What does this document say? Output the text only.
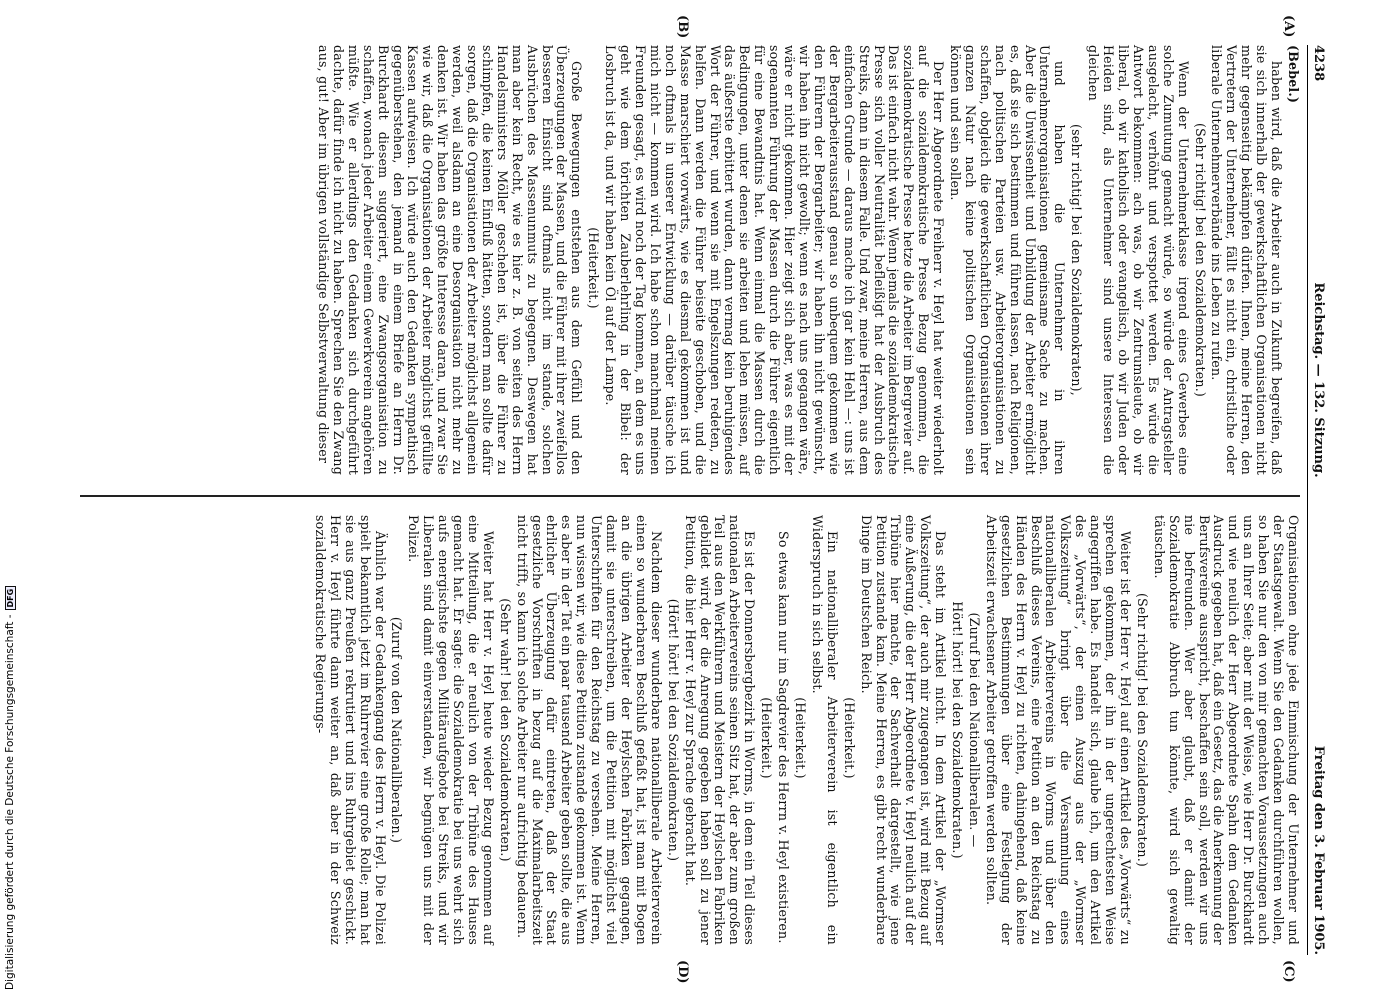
4238
Reichstag. — 132. Sitzung.
Freitag den 3. Februar 1905.
(A)
(B)
(C)
(D)

(Bebel.)

haben wird, daß die Arbeiter auch in Zukunft begreifen, daß sie sich innerhalb der gewerkschaftlichen Organisationen nicht mehr gegenseitig bekämpfen dürfen. Ihnen, meine Herren, den Vertretern der Unternehmer, fällt es nicht ein, christliche oder liberale Unternehmerverbände ins Leben zu rufen.

(Sehr richtig! bei den Sozialdemokraten.)

Wenn der Unternehmerklasse irgend eines Gewerbes eine solche Zumutung gemacht würde, so würde der Antragsteller ausgelacht, verhöhnt und verspottet werden. Es würde die Antwort bekommen: ach was, ob wir Zentrumsleute, ob wir liberal, ob wir katholisch oder evangelisch, ob wir Juden oder Heiden sind, als Unternehmer sind unsere Interessen die gleichen

(sehr richtig! bei den Sozialdemokraten),

und haben die Unternehmer in ihren Unternehmerorganisationen gemeinsame Sache zu machen. Aber die Unwissenheit und Unbildung der Arbeiter ermöglicht es, daß sie sich bestimmen und führen lassen, nach Religionen, nach politischen Parteien usw. Arbeiterorganisationen zu schaffen, obgleich die gewerkschaftlichen Organisationen ihrer ganzen Natur nach keine politischen Organisationen sein können und sein sollen.

Der Herr Abgeordnete Freiherr v. Heyl hat weiter wiederholt auf die sozialdemokratische Presse Bezug genommen, die sozialdemokratische Presse hetze die Arbeiter im Bergrevier auf. Das ist einfach nicht wahr. Wenn jemals die sozialdemokratische Presse sich voller Neutralität befleißigt hat der Ausbruch des Streiks, dann in diesem Falle. Und zwar, meine Herren, aus dem einfachen Grunde — daraus mache ich gar kein Hehl —: uns ist der Bergarbeiterausstand genau so unbequem gekommen wie den Führern der Bergarbeiter; wir haben ihn nicht gewünscht, wir haben ihn nicht gewollt; wenn es nach uns gegangen wäre, wäre er nicht gekommen. Hier zeigt sich aber, was es mit der sogenannten Führung der Massen durch die Führer eigentlich für eine Bewandtnis hat. Wenn einmal die Massen durch die Bedingungen, unter denen sie arbeiten und leben müssen, auf das äußerste erbittert wurden, dann vermag kein beruhigendes Wort der Führer, und wenn sie mit Engelszungen redeten, zu helfen. Dann werden die Führer beiseite geschoben, und die Masse marschiert vorwärts, wie es diesmal gekommen ist und noch oftmals in unserer Entwicklung — darüber täusche ich mich nicht — kommen wird. Ich habe schon manchmal meinen Freunden gesagt, es wird noch der Tag kommen, an dem es uns geht wie dem törichten Zauberlehrling in der Bibel: der Losbruch ist da, und wir haben kein Öl auf der Lampe.

(Heiterkeit.)

Große Bewegungen entstehen aus dem Gefühl und den Überzeugungen der Massen, und die Führer mit ihrer zweifellos besseren Einsicht sind oftmals nicht im stande, solchen Ausbrüchen des Massenunmuts zu begegnen. Deswegen hat man aber kein Recht, wie es hier z. B. von seiten des Herrn Handelsministers Möller geschehen ist, über die Führer zu schimpfen, die keinen Einfluß hätten, sondern man sollte dafür sorgen, daß die Organisationen der Arbeiter möglichst allgemein werden, weil alsdann an eine Desorganisation nicht mehr zu denken ist. Wir haben das größte Interesse daran, und zwar Sie wie wir, daß die Organisationen der Arbeiter möglichst gefüllte Kassen aufweisen. Ich würde auch den Gedanken sympathisch gegenüberstehen, den jemand in einem Briefe an Herrn Dr. Burckhardt diesem suggeriert, eine Zwangsorganisation zu schaffen, wonach jeder Arbeiter einem Gewerkverein angehören müßte. Wie er allerdings den Gedanken sich durchgeführt dachte, dafür finde ich nicht zu haben. Sprechen Sie den Zwang aus, gut! Aber im übrigen vollständige Selbstverwaltung dieser

Organisationen ohne jede Einmischung der Unternehmer und der Staatsgewalt. Wenn Sie den Gedanken durchführen wollen, so haben Sie nur den von mir gemachten Voraussetzungen auch uns an Ihrer Seite; aber mit der Weise, wie Herr Dr. Burckhardt und wie neulich der Herr Abgeordnete Spahn dem Gedanken Ausdruck gegeben hat, daß ein Gesetz, das die Anerkennung der Berufsvereine ausspricht, beschaffen sein soll, werden wir uns nie befreunden. Wer aber glaubt, daß er damit der Sozialdemokratie Abbruch tun könnte, wird sich gewaltig täuschen.

(Sehr richtig! bei den Sozialdemokraten.)

Weiter ist der Herr v. Heyl auf einen Artikel des „Vorwärts“ zu sprechen gekommen, der ihn in der ungerechtesten Weise angegriffen habe. Es handelt sich, glaube ich, um den Artikel des „Vorwärts“, der einen Auszug aus der „Wormser Volkszeitung“ bringt über die Versammlung eines nationalliberalen Arbeitervereins in Worms und über den Beschluß dieses Vereins, eine Petition an den Reichstag zu Händen des Herrn v. Heyl zu richten, dahingehend, daß keine gesetzlichen Bestimmungen über eine Festlegung der Arbeitszeit erwachsener Arbeiter getroffen werden sollten.

(Zuruf bei den Nationalliberalen. —

Hört! hört! bei den Sozialdemokraten.)

Das steht im Artikel nicht. In dem Artikel der „Wormser Volkszeitung“, der auch mir zugegangen ist, wird mit Bezug auf eine Äußerung, die der Herr Abgeordnete v. Heyl neulich auf der Tribüne hier machte, der Sachverhalt dargestellt, wie jene Petition zustande kam. Meine Herren, es gibt recht wunderbare Dinge im Deutschen Reich.

(Heiterkeit.)

Ein nationalliberaler Arbeiterverein ist eigentlich ein Widerspruch in sich selbst.

(Heiterkeit.)

So etwas kann nur im Sagdrevier des Herrn v. Heyl existieren.

(Heiterkeit.)

Es ist der Donnersbergbezirk in Worms, in dem ein Teil dieses nationalen Arbeitervereins seinen Sitz hat, der aber zum großen Teil aus den Werkführern und Meistern der Heylschen Fabriken gebildet wird, der die Anregung gegeben haben soll zu jener Petition, die hier Herr v. Heyl zur Sprache gebracht hat.

(Hört! hört! bei den Sozialdemokraten.)

Nachdem dieser wunderbare nationalliberale Arbeiterverein einen so wunderbaren Beschluß gefaßt hat, ist man mit Bogen an die übrigen Arbeiter der Heylschen Fabriken gegangen, damit sie unterschreiben, um die Petition mit möglichst viel Unterschriften für den Reichstag zu versehen. Meine Herren, nun wissen wir, wie diese Petition zustande gekommen ist. Wenn es aber in der Tat ein paar tausend Arbeiter geben sollte, die aus ehrlicher Überzeugung dafür eintreten, daß der Staat gesetzliche Vorschriften in bezug auf die Maximalarbeitszeit nicht trifft, so kann ich solche Arbeiter nur aufrichtig bedauern.

(Sehr wahr! bei den Sozialdemokraten.)

Weiter hat Herr v. Heyl heute wieder Bezug genommen auf eine Mitteilung, die er neulich von der Tribüne des Hauses gemacht hat. Er sagte: die Sozialdemokratie bei uns wehrt sich aufs energischste gegen Militäraufgebote bei Streiks, und wir Liberalen sind damit einverstanden, wir begnügen uns mit der Polizei.

(Zuruf von den Nationalliberalen.)

Ähnlich war der Gedankengang des Herrn v. Heyl. Die Polizei spielt bekanntlich jetzt im Ruhrrevier eine große Rolle; man hat sie aus ganz Preußen rekrutiert und ins Ruhrgebiet geschickt. Herr v. Heyl führte dann weiter an, daß aber in der Schweiz sozialdemokratische Regierungs-

Digitalisierung gefördert durch die Deutsche Forschungsgemeinschaft -
DFG
